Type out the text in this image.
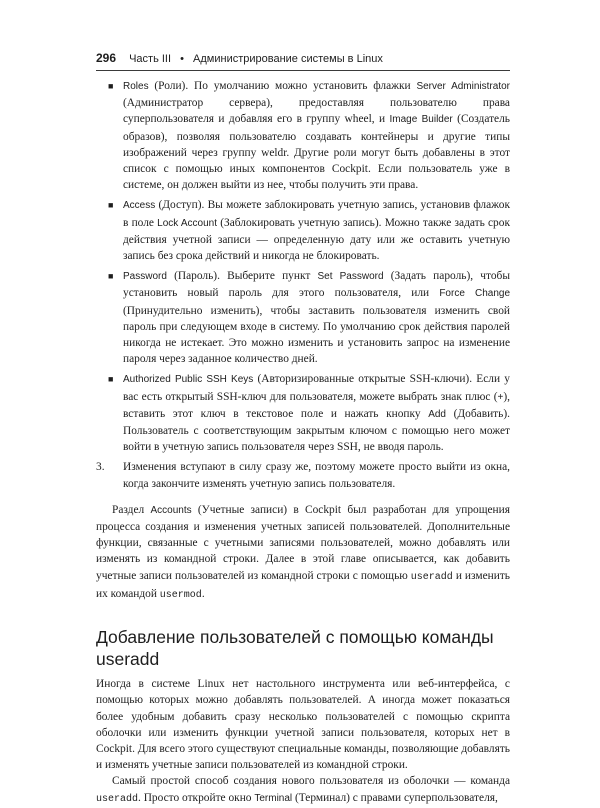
296 Часть III • Администрирование системы в Linux
■ Roles (Роли). По умолчанию можно установить флажки Server Administrator (Администратор сервера), предоставляя пользователю права суперпользователя и добавляя его в группу wheel, и Image Builder (Создатель образов), позволяя пользователю создавать контейнеры и другие типы изображений через группу weldr. Другие роли могут быть добавлены в этот список с помощью иных компонентов Cockpit. Если пользователь уже в системе, он должен выйти из нее, чтобы получить эти права.
■ Access (Доступ). Вы можете заблокировать учетную запись, установив флажок в поле Lock Account (Заблокировать учетную запись). Можно также задать срок действия учетной записи — определенную дату или же оставить учетную запись без срока действий и никогда не блокировать.
■ Password (Пароль). Выберите пункт Set Password (Задать пароль), чтобы установить новый пароль для этого пользователя, или Force Change (Принудительно изменить), чтобы заставить пользователя изменить свой пароль при следующем входе в систему. По умолчанию срок действия паролей никогда не истекает. Это можно изменить и установить запрос на изменение пароля через заданное количество дней.
■ Authorized Public SSH Keys (Авторизированные открытые SSH-ключи). Если у вас есть открытый SSH-ключ для пользователя, можете выбрать знак плюс (+), вставить этот ключ в текстовое поле и нажать кнопку Add (Добавить). Пользователь с соответствующим закрытым ключом с помощью него может войти в учетную запись пользователя через SSH, не вводя пароль.
3. Изменения вступают в силу сразу же, поэтому можете просто выйти из окна, когда закончите изменять учетную запись пользователя.

Раздел Accounts (Учетные записи) в Cockpit был разработан для упрощения процесса создания и изменения учетных записей пользователей. Дополнительные функции, связанные с учетными записями пользователей, можно добавлять или изменять из командной строки. Далее в этой главе описывается, как добавить учетные записи пользователей из командной строки с помощью useradd и изменить их командой usermod.

Добавление пользователей с помощью команды useradd

Иногда в системе Linux нет настольного инструмента или веб-интерфейса, с помощью которых можно добавлять пользователей. А иногда может показаться более удобным добавить сразу несколько пользователей с помощью скрипта оболочки или изменить функции учетной записи пользователя, которых нет в Cockpit. Для всего этого существуют специальные команды, позволяющие добавлять и изменять учетные записи пользователей из командной строки.

Самый простой способ создания нового пользователя из оболочки — команда useradd. Просто откройте окно Terminal (Терминал) с правами суперпользователя,
